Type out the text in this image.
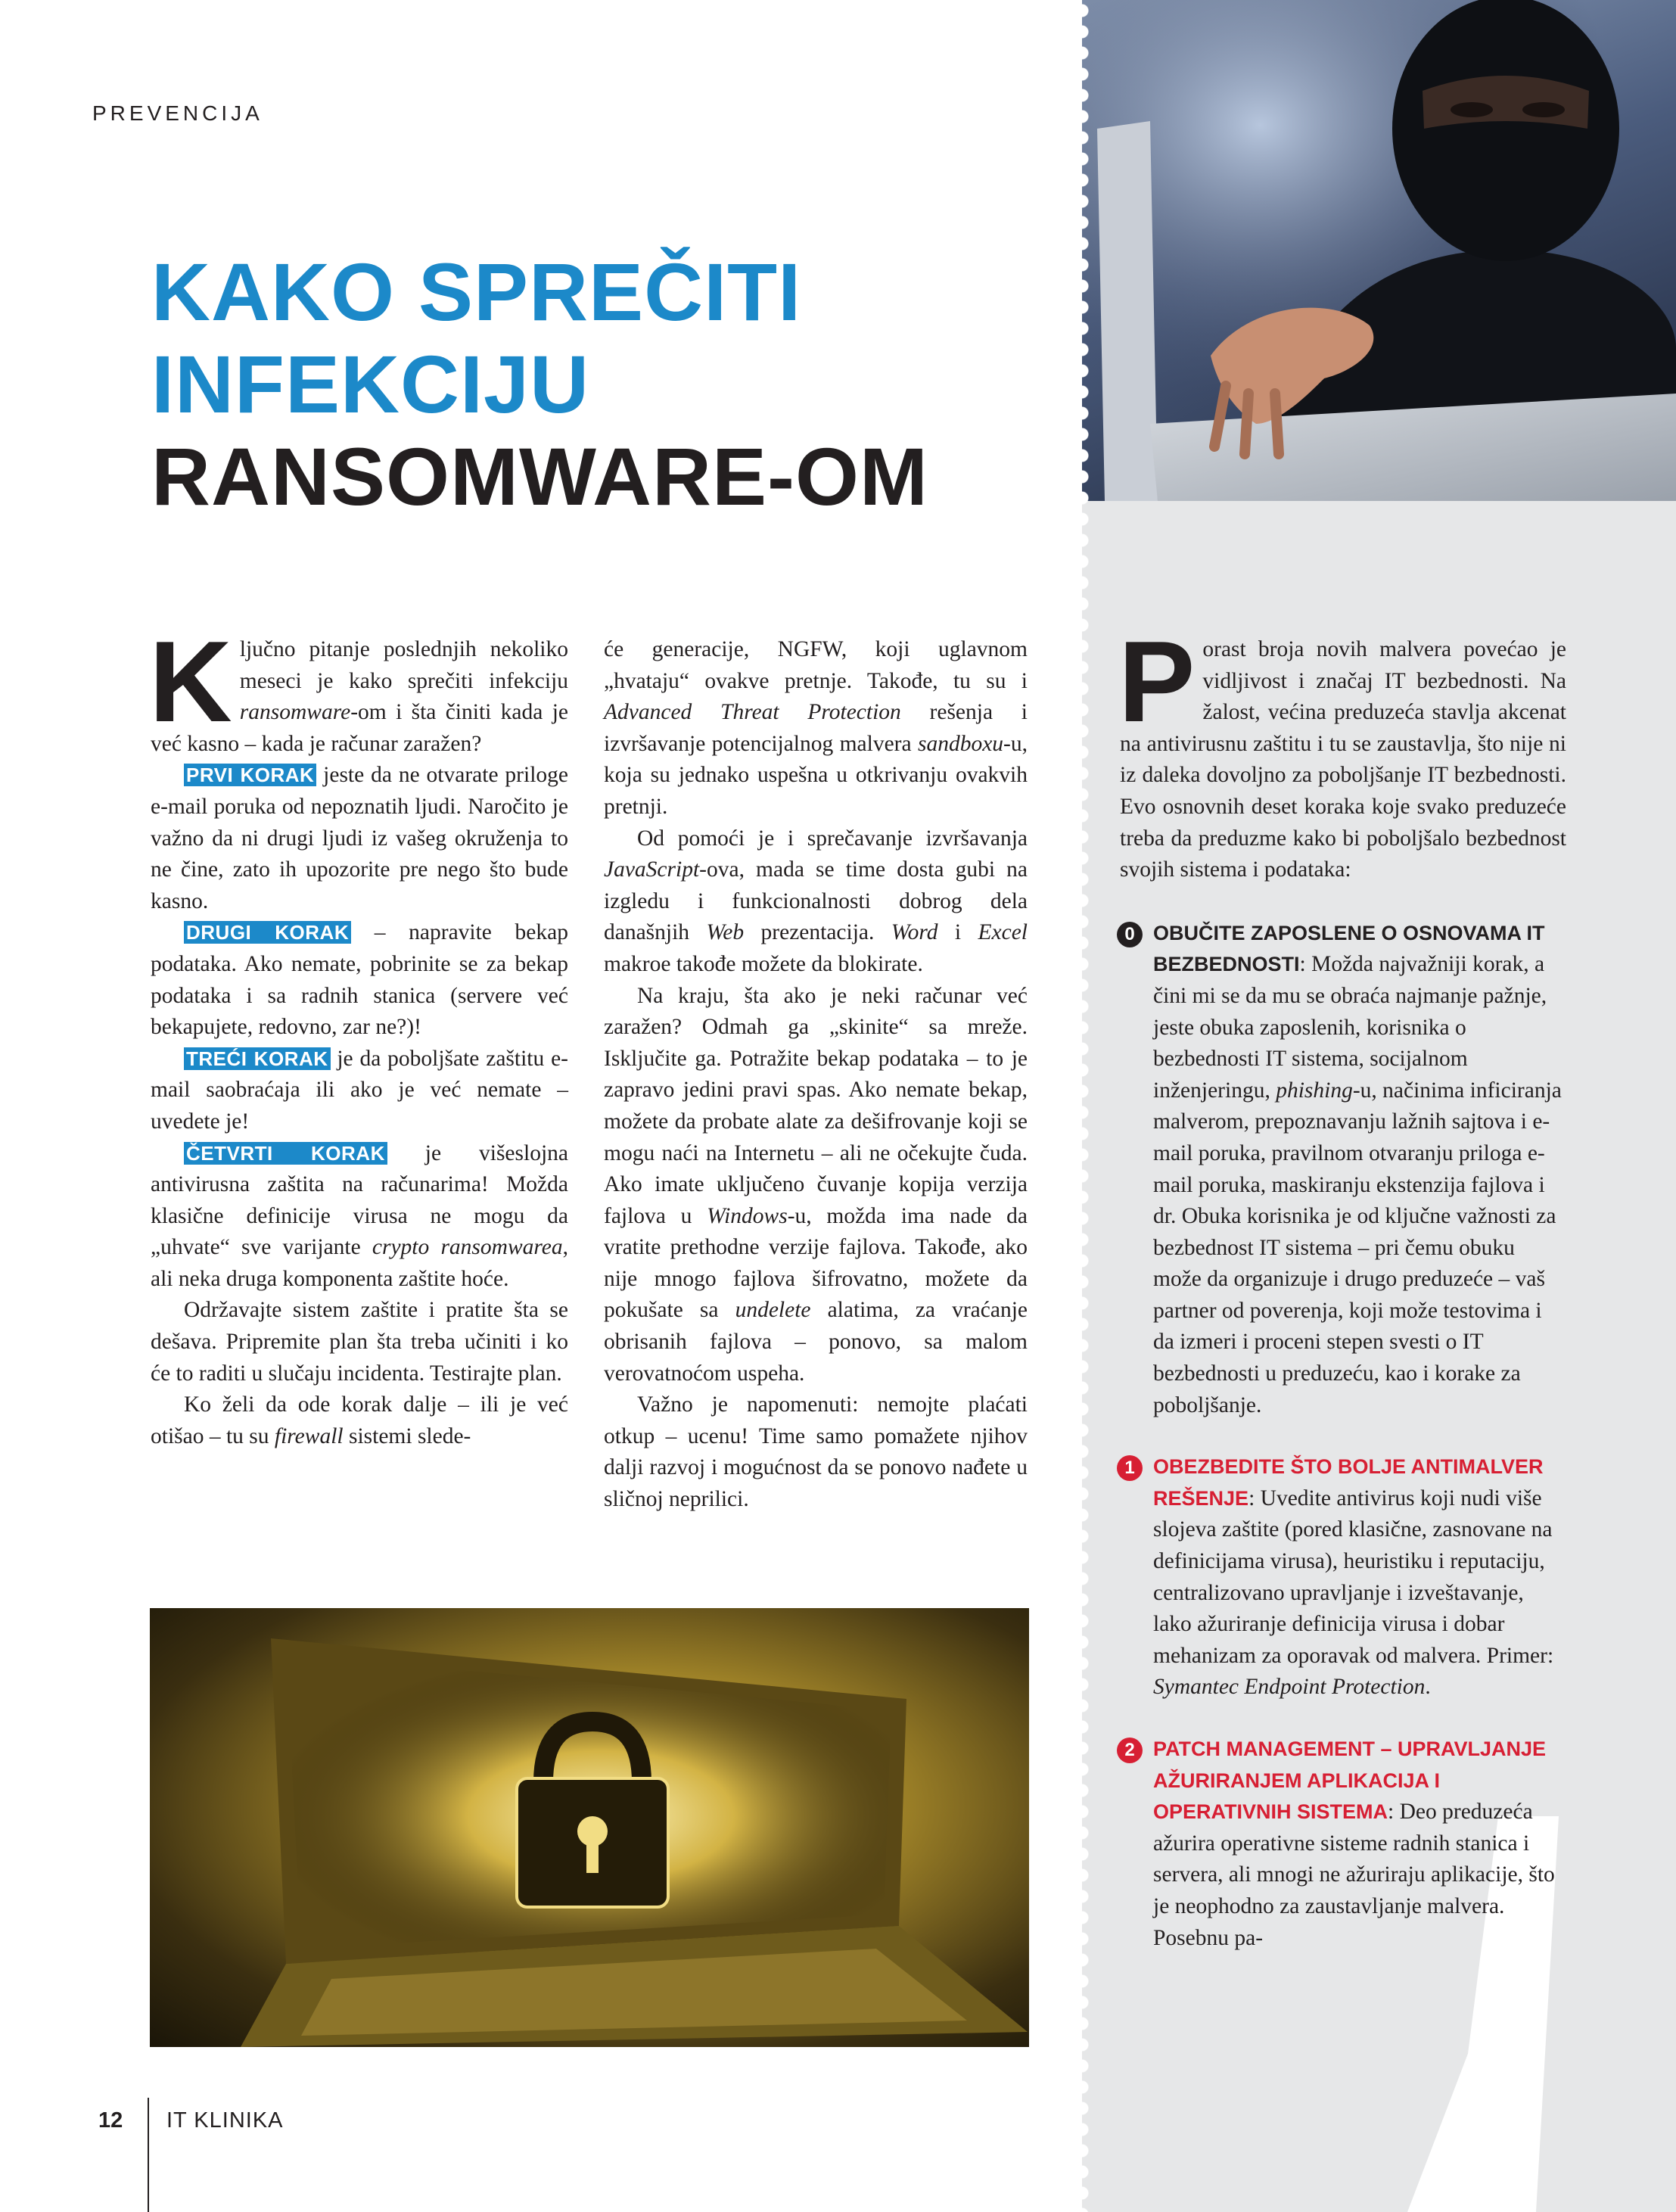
PREVENCIJA
KAKO SPREČITI
INFEKCIJU
RANSOMWARE-OM

Ključno pitanje poslednjih nekoliko meseci je kako sprečiti infekciju ransomware-om i šta činiti kada je već kasno – kada je računar zaražen?

PRVI KORAK jeste da ne otvarate priloge e-mail poruka od nepoznatih ljudi. Naročito je važno da ni drugi ljudi iz vašeg okruženja to ne čine, zato ih upozorite pre nego što bude kasno.

DRUGI KORAK – napravite bekap podataka. Ako nemate, pobrinite se za bekap podataka i sa radnih stanica (servere već bekapujete, redovno, zar ne?)!

TREĆI KORAK je da poboljšate zaštitu e-mail saobraćaja ili ako je već nemate – uvedete je!

ČETVRTI KORAK je višeslojna antivirusna zaštita na računarima! Možda klasične definicije virusa ne mogu da „uhvate“ sve varijante crypto ransomwarea, ali neka druga komponenta zaštite hoće.

Održavajte sistem zaštite i pratite šta se dešava. Pripremite plan šta treba učiniti i ko će to raditi u slučaju incidenta. Testirajte plan.

Ko želi da ode korak dalje – ili je već otišao – tu su firewall sistemi slede-

će generacije, NGFW, koji uglavnom „hvataju“ ovakve pretnje. Takođe, tu su i Advanced Threat Protection rešenja i izvršavanje potencijalnog malvera sandboxu-u, koja su jednako uspešna u otkrivanju ovakvih pretnji.

Od pomoći je i sprečavanje izvršavanja JavaScript-ova, mada se time dosta gubi na izgledu i funkcionalnosti dobrog dela današnjih Web prezentacija. Word i Excel makroe takođe možete da blokirate.

Na kraju, šta ako je neki računar već zaražen? Odmah ga „skinite“ sa mreže. Isključite ga. Potražite bekap podataka – to je zapravo jedini pravi spas. Ako nemate bekap, možete da probate alate za dešifrovanje koji se mogu naći na Internetu – ali ne očekujte čuda. Ako imate uključeno čuvanje kopija verzija fajlova u Windows-u, možda ima nade da vratite prethodne verzije fajlova. Takođe, ako nije mnogo fajlova šifrovatno, možete da pokušate sa undelete alatima, za vraćanje obrisanih fajlova – ponovo, sa malom verovatnoćom uspeha.

Važno je napomenuti: nemojte plaćati otkup – ucenu! Time samo pomažete njihov dalji razvoj i mogućnost da se ponovo nađete u sličnoj neprilici.

Porast broja novih malvera povećao je vidljivost i značaj IT bezbednosti. Na žalost, većina preduzeća stavlja akcenat na antivirusnu zaštitu i tu se zaustavlja, što nije ni iz daleka dovoljno za poboljšanje IT bezbednosti. Evo osnovnih deset koraka koje svako preduzeće treba da preduzme kako bi poboljšalo bezbednost svojih sistema i podataka:

0 OBUČITE ZAPOSLENE O OSNOVAMA IT BEZBEDNOSTI: Možda najvažniji korak, a čini mi se da mu se obraća najmanje pažnje, jeste obuka zaposlenih, korisnika o bezbednosti IT sistema, socijalnom inženjeringu, phishing-u, načinima inficiranja malverom, prepoznavanju lažnih sajtova i e-mail poruka, pravilnom otvaranju priloga e-mail poruka, maskiranju ekstenzija fajlova i dr. Obuka korisnika je od ključne važnosti za bezbednost IT sistema – pri čemu obuku može da organizuje i drugo preduzeće – vaš partner od poverenja, koji može testovima i da izmeri i proceni stepen svesti o IT bezbednosti u preduzeću, kao i korake za poboljšanje.
1 OBEZBEDITE ŠTO BOLJE ANTIMALVER REŠENJE: Uvedite antivirus koji nudi više slojeva zaštite (pored klasične, zasnovane na definicijama virusa), heuristiku i reputaciju, centralizovano upravljanje i izveštavanje, lako ažuriranje definicija virusa i dobar mehanizam za oporavak od malvera. Primer: Symantec Endpoint Protection.
2 PATCH MANAGEMENT – UPRAVLJANJE AŽURIRANJEM APLIKACIJA I OPERATIVNIH SISTEMA: Deo preduzeća ažurira operativne sisteme radnih stanica i servera, ali mnogi ne ažuriraju aplikacije, što je neophodno za zaustavljanje malvera. Posebnu pa-
12 IT KLINIKA
